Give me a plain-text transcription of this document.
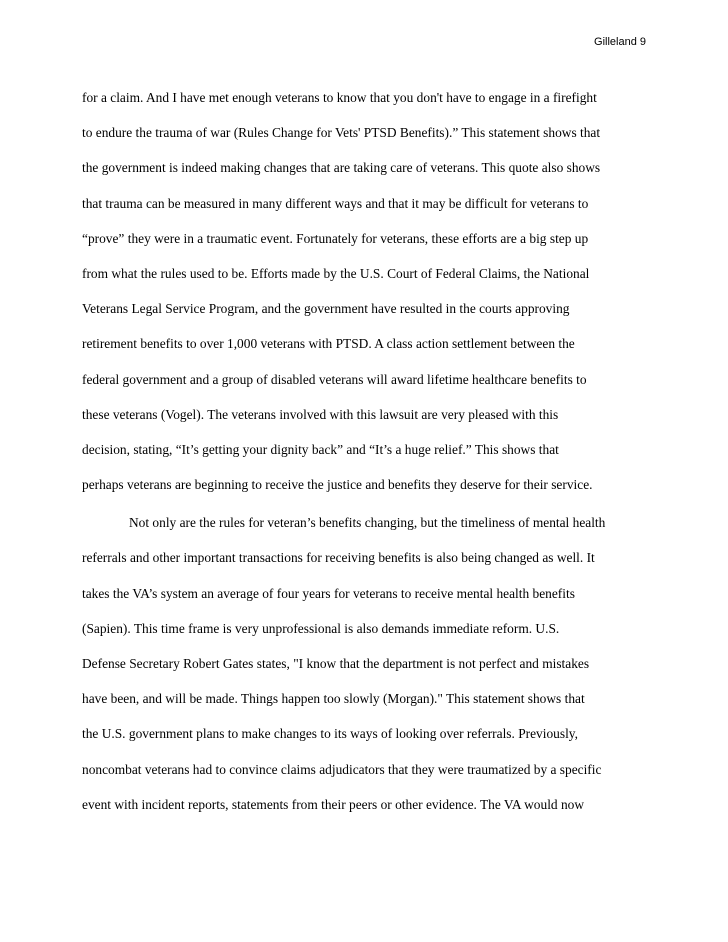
Gilleland 9
for a claim. And I have met enough veterans to know that you don't have to engage in a firefight
to endure the trauma of war (Rules Change for Vets' PTSD Benefits).” This statement shows that
the government is indeed making changes that are taking care of veterans. This quote also shows
that trauma can be measured in many different ways and that it may be difficult for veterans to
“prove” they were in a traumatic event. Fortunately for veterans, these efforts are a big step up
from what the rules used to be. Efforts made by the U.S. Court of Federal Claims, the National
Veterans Legal Service Program, and the government have resulted in the courts approving
retirement benefits to over 1,000 veterans with PTSD. A class action settlement between the
federal government and a group of disabled veterans will award lifetime healthcare benefits to
these veterans (Vogel). The veterans involved with this lawsuit are very pleased with this
decision, stating, “It’s getting your dignity back” and “It’s a huge relief.” This shows that
perhaps veterans are beginning to receive the justice and benefits they deserve for their service.
Not only are the rules for veteran’s benefits changing, but the timeliness of mental health
referrals and other important transactions for receiving benefits is also being changed as well. It
takes the VA’s system an average of four years for veterans to receive mental health benefits
(Sapien). This time frame is very unprofessional is also demands immediate reform. U.S.
Defense Secretary Robert Gates states, "I know that the department is not perfect and mistakes
have been, and will be made. Things happen too slowly (Morgan)." This statement shows that
the U.S. government plans to make changes to its ways of looking over referrals. Previously,
noncombat veterans had to convince claims adjudicators that they were traumatized by a specific
event with incident reports, statements from their peers or other evidence. The VA would now
